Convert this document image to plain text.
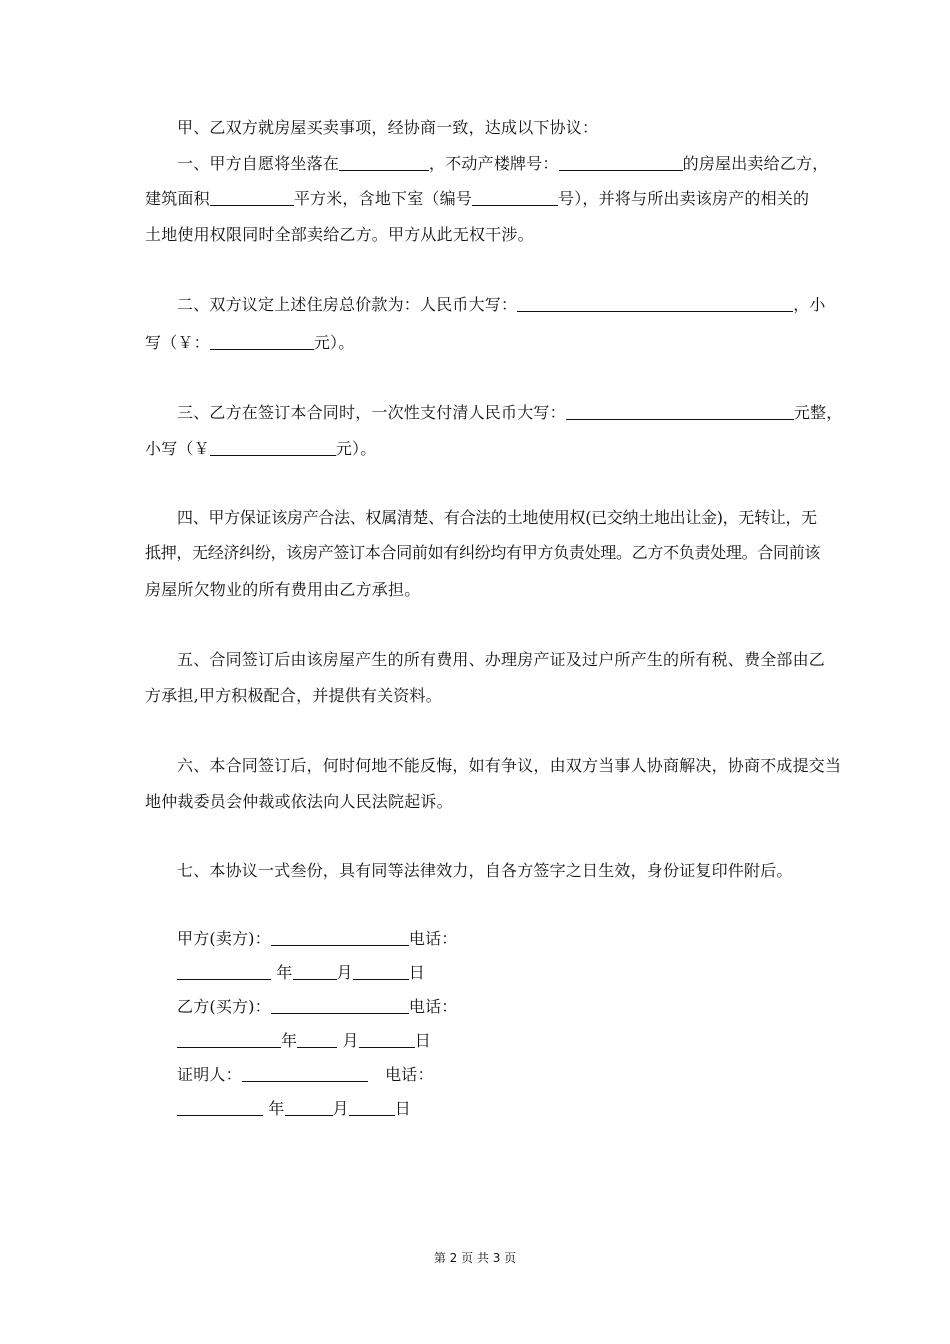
甲、乙双方就房屋买卖事项，经协商一致，达成以下协议：
一、甲方自愿将坐落在	，不动产楼牌号：	的房屋出卖给乙方，
建筑面积	平方米，含地下室（编号	号），并将与所出卖该房产的相关的
土地使用权限同时全部卖给乙方。甲方从此无权干涉。
二、双方议定上述住房总价款为：人民币大写：	，小
写（￥：	元）。
三、乙方在签订本合同时，一次性支付清人民币大写：	元整，
小写（￥	元）。
四、甲方保证该房产合法、权属清楚、有合法的土地使用权(已交纳土地出让金)，无转让，无
抵押，无经济纠纷，该房产签订本合同前如有纠纷均有甲方负责处理。乙方不负责处理。合同前该
房屋所欠物业的所有费用由乙方承担。
五、合同签订后由该房屋产生的所有费用、办理房产证及过户所产生的所有税、费全部由乙
方承担,甲方积极配合，并提供有关资料。
六、本合同签订后，何时何地不能反悔，如有争议，由双方当事人协商解决，协商不成提交当
地仲裁委员会仲裁或依法向人民法院起诉。
七、本协议一式叁份，具有同等法律效力，自各方签字之日生效，身份证复印件附后。
甲方(卖方)：	电话：
年	月	日
乙方(买方)：	电话：
年	月	日
证明人：	电话：
年	月	日
第 2 页 共 3 页
